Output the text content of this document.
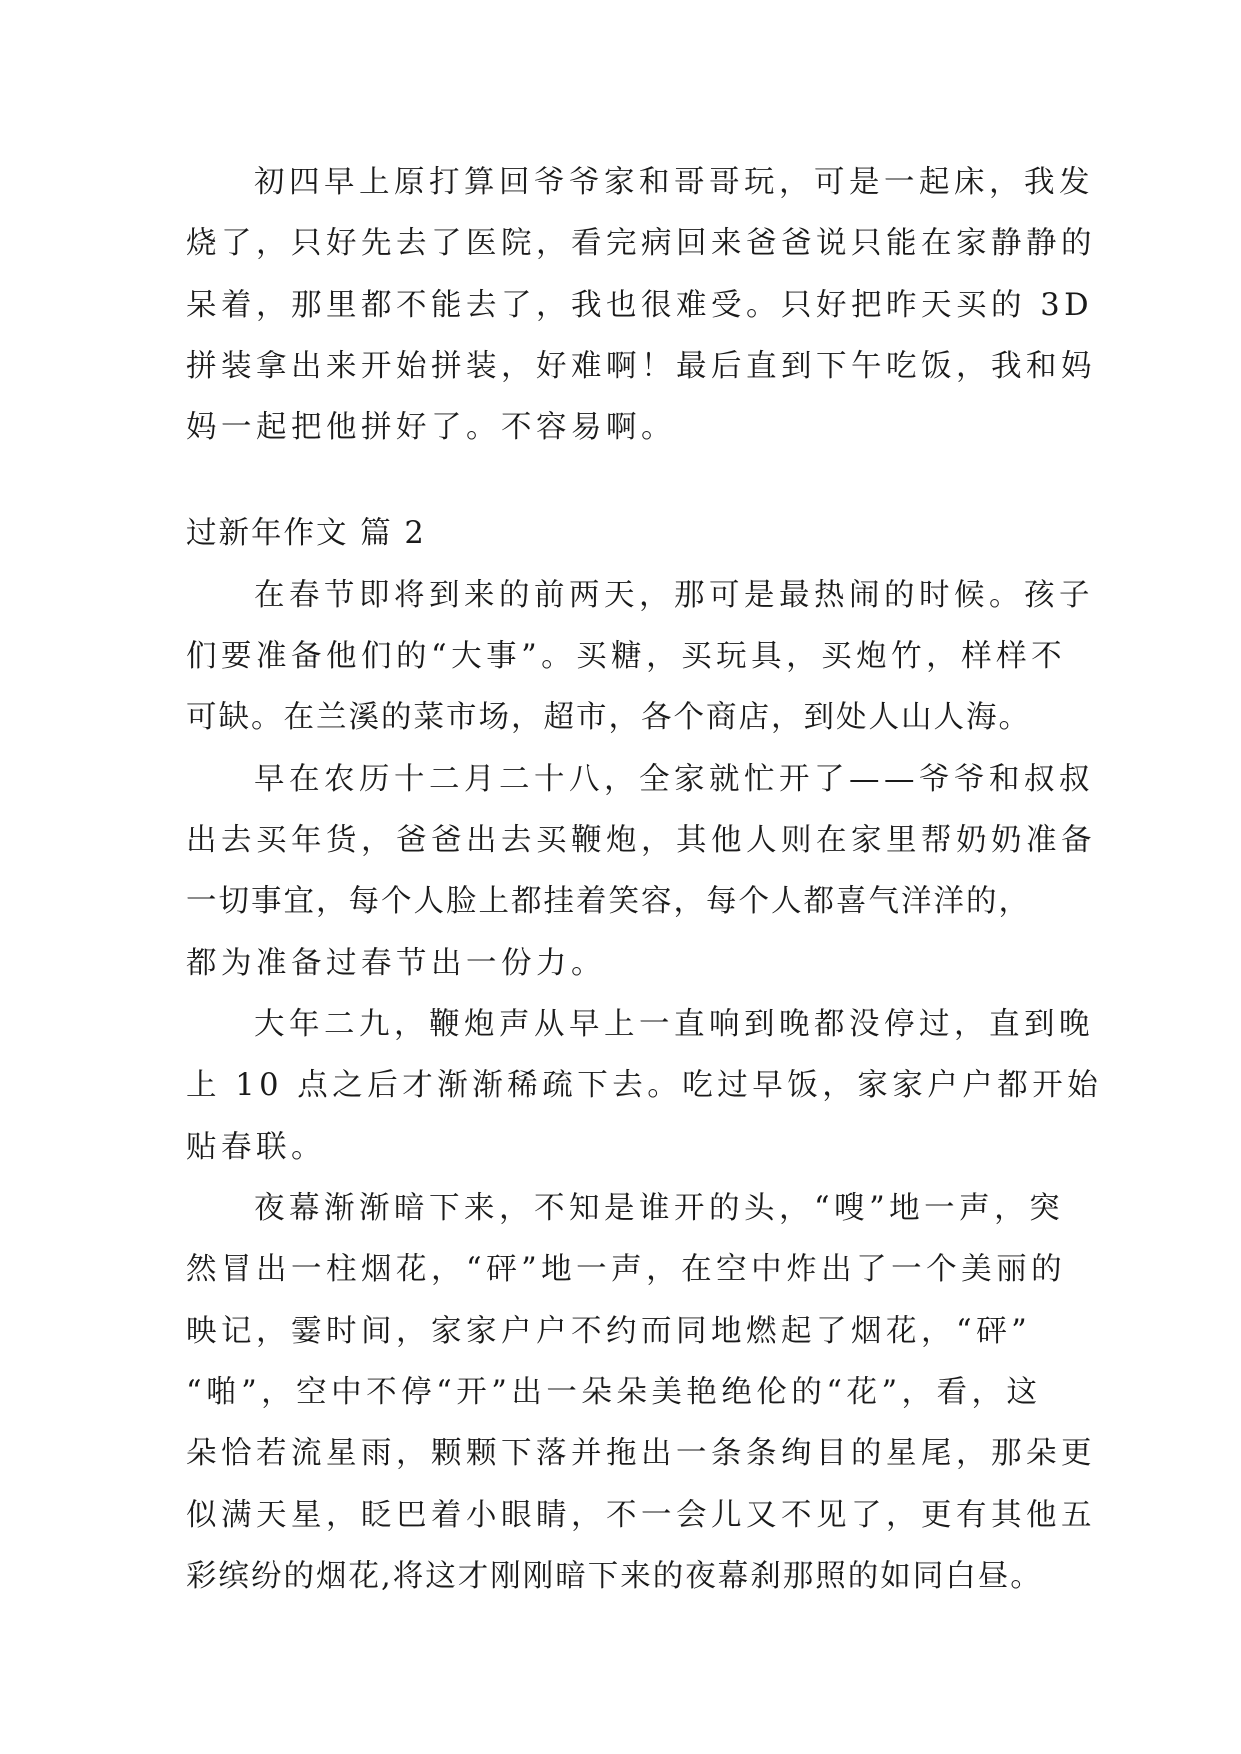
初四早上原打算回爷爷家和哥哥玩，可是一起床，我发
烧了，只好先去了医院，看完病回来爸爸说只能在家静静的
呆着，那里都不能去了，我也很难受。只好把昨天买的 3D
拼装拿出来开始拼装，好难啊！最后直到下午吃饭，我和妈
妈一起把他拼好了。不容易啊。
过新年作文 篇 2
在春节即将到来的前两天，那可是最热闹的时候。孩子
们要准备他们的“大事”。买糖，买玩具，买炮竹，样样不
可缺。在兰溪的菜市场，超市，各个商店，到处人山人海。
早在农历十二月二十八，全家就忙开了——爷爷和叔叔
出去买年货，爸爸出去买鞭炮，其他人则在家里帮奶奶准备
一切事宜，每个人脸上都挂着笑容，每个人都喜气洋洋的，
都为准备过春节出一份力。
大年二九，鞭炮声从早上一直响到晚都没停过，直到晚
上 10 点之后才渐渐稀疏下去。吃过早饭，家家户户都开始
贴春联。
夜幕渐渐暗下来，不知是谁开的头，“嗖”地一声，突
然冒出一柱烟花，“砰”地一声，在空中炸出了一个美丽的
映记，霎时间，家家户户不约而同地燃起了烟花，“砰”
“啪”，空中不停“开”出一朵朵美艳绝伦的“花”，看，这
朵恰若流星雨，颗颗下落并拖出一条条绚目的星尾，那朵更
似满天星，眨巴着小眼睛，不一会儿又不见了，更有其他五
彩缤纷的烟花,将这才刚刚暗下来的夜幕刹那照的如同白昼。
